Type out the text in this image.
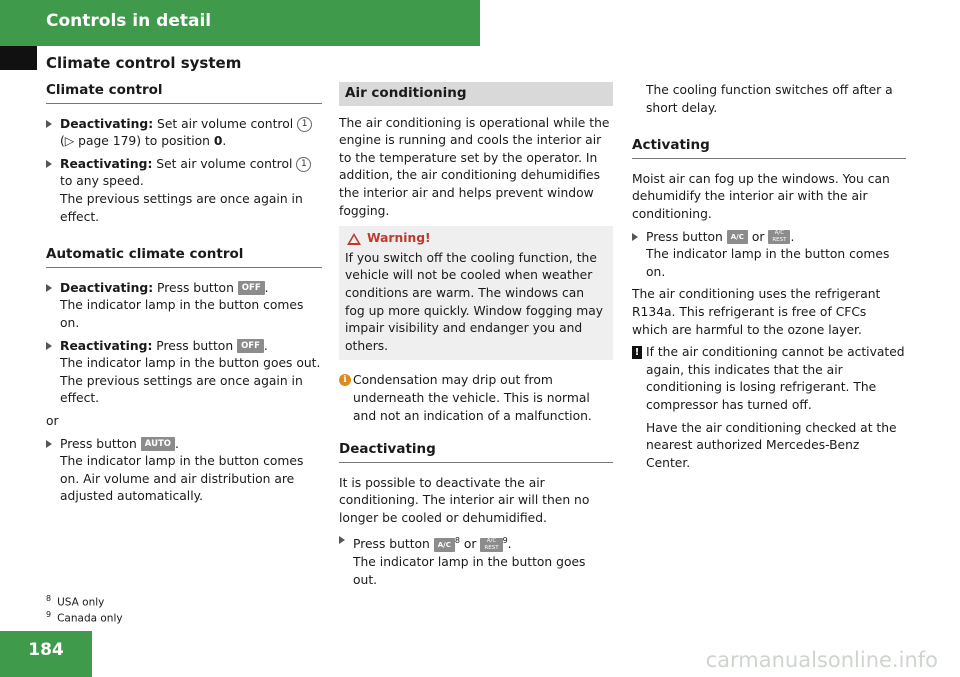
Controls in detail
Climate control system
Climate control
Deactivating: Set air volume control 1
(▷ page 179) to position 0.
Reactivating: Set air volume control 1 to any speed.
The previous settings are once again in effect.
Automatic climate control
Deactivating: Press button OFF .
The indicator lamp in the button comes on.
Reactivating: Press button OFF .
The indicator lamp in the button goes out. The previous settings are once again in effect.

or

Press button AUTO .
The indicator lamp in the button comes on. Air volume and air distribution are adjusted automatically.
Air conditioning

The air conditioning is operational while the engine is running and cools the interior air to the temperature set by the operator. In addition, the air conditioning dehumidifies the interior air and helps prevent window fogging.

Warning!
If you switch off the cooling function, the vehicle will not be cooled when weather conditions are warm. The windows can fog up more quickly. Window fogging may impair visibility and endanger you and others.
i Condensation may drip out from underneath the vehicle. This is normal and not an indication of a malfunction.
Deactivating

It is possible to deactivate the air conditioning. The interior air will then no longer be cooled or dehumidified.

Press button A/C $^8$ or A/C
REST$^9$.
The indicator lamp in the button goes out.

The cooling function switches off after a short delay.

Activating

Moist air can fog up the windows. You can dehumidify the interior air with the air conditioning.

Press button A/C or A/C
REST .
The indicator lamp in the button comes on.

The air conditioning uses the refrigerant R134a. This refrigerant is free of CFCs which are harmful to the ozone layer.

! If the air conditioning cannot be activated again, this indicates that the air conditioning is losing refrigerant. The compressor has turned off.

Have the air conditioning checked at the nearest authorized Mercedes-Benz Center.

$^8$ USA only
$^9$ Canada only
184	carmanualsonline.info
